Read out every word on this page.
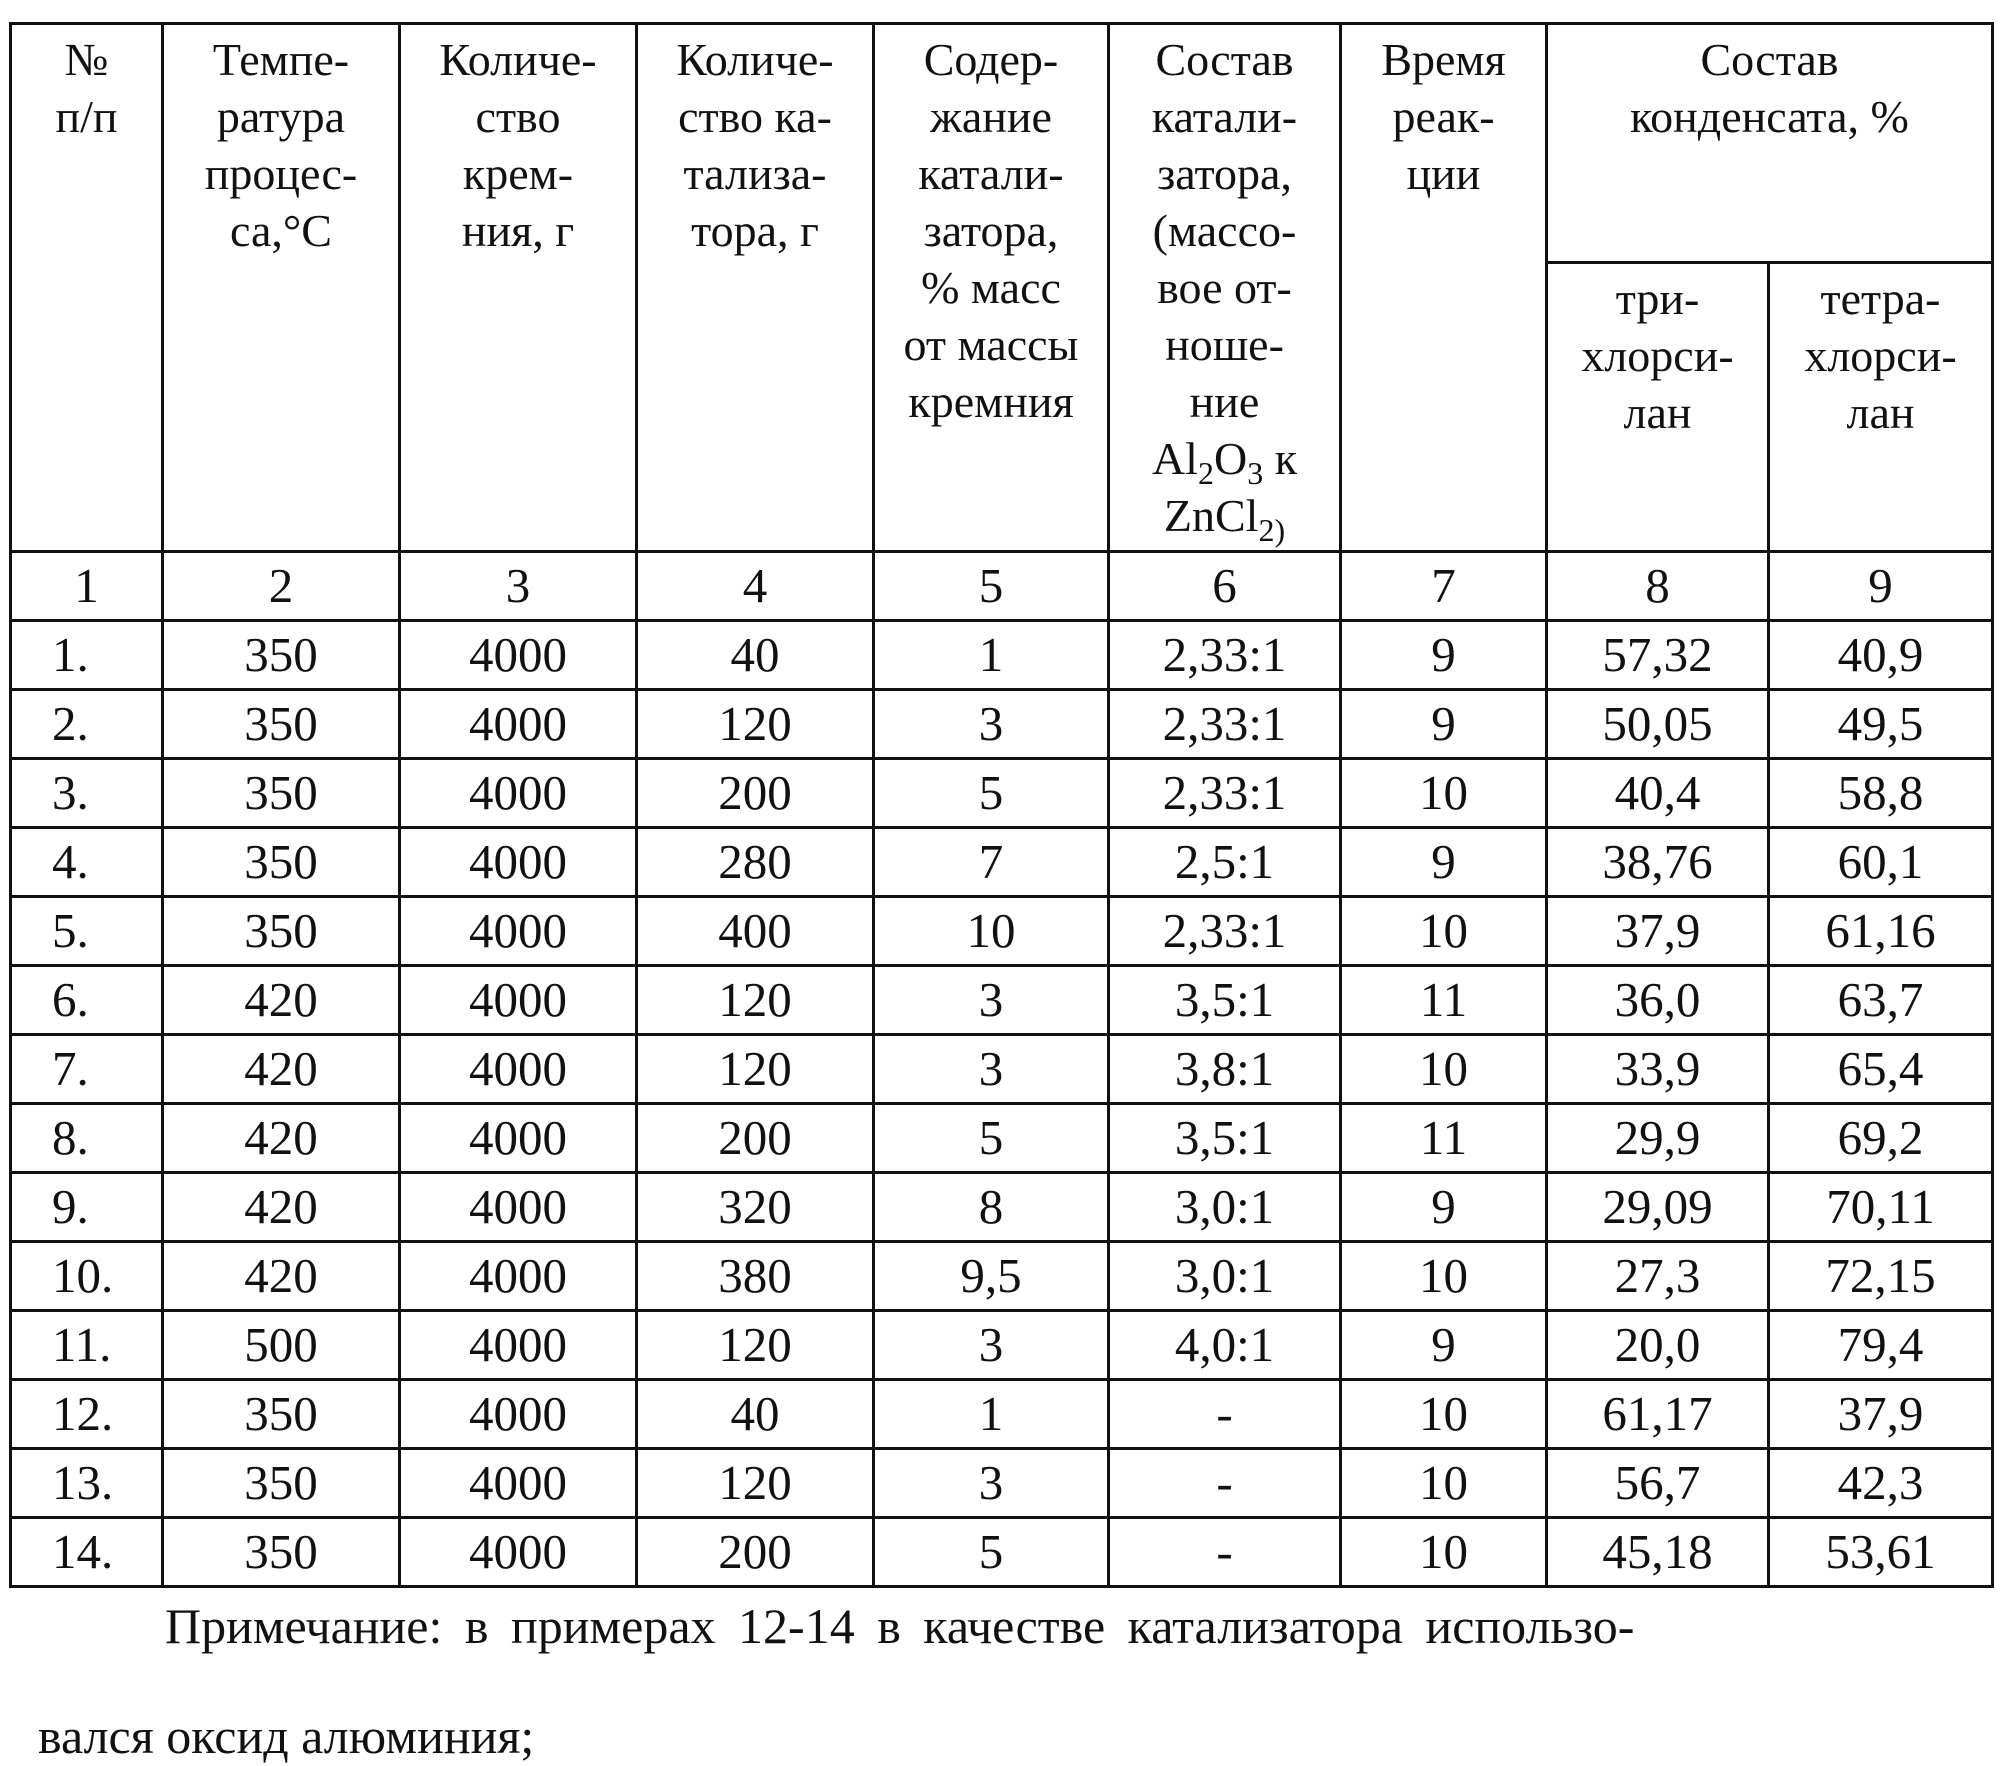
№
п/п

Темпе-
ратура
процес-
са,°С

Количе-
ство
крем-
ния, г

Количе-
ство ка-
тализа-
тора, г

Содер-
жание
катали-
затора,
% масс
от массы
кремния

Состав
катали-
затора,
(массо-
вое от-
ноше-
ние
Al2O3 к
ZnCl2)

Время
реак-
ции

Состав
конденсата, %

три-
хлорси-
лан

тетра-
хлорси-
лан

1	2	3	4	5	6	7	8	9
1.	350	4000	40	1	2,33:1	9	57,32	40,9
2.	350	4000	120	3	2,33:1	9	50,05	49,5
3.	350	4000	200	5	2,33:1	10	40,4	58,8
4.	350	4000	280	7	2,5:1	9	38,76	60,1
5.	350	4000	400	10	2,33:1	10	37,9	61,16
6.	420	4000	120	3	3,5:1	11	36,0	63,7
7.	420	4000	120	3	3,8:1	10	33,9	65,4
8.	420	4000	200	5	3,5:1	11	29,9	69,2
9.	420	4000	320	8	3,0:1	9	29,09	70,11
10.	420	4000	380	9,5	3,0:1	10	27,3	72,15
11.	500	4000	120	3	4,0:1	9	20,0	79,4
12.	350	4000	40	1	-	10	61,17	37,9
13.	350	4000	120	3	-	10	56,7	42,3
14.	350	4000	200	5	-	10	45,18	53,61
Примечание: в примерах 12-14 в качестве катализатора использо-
вался оксид алюминия;
